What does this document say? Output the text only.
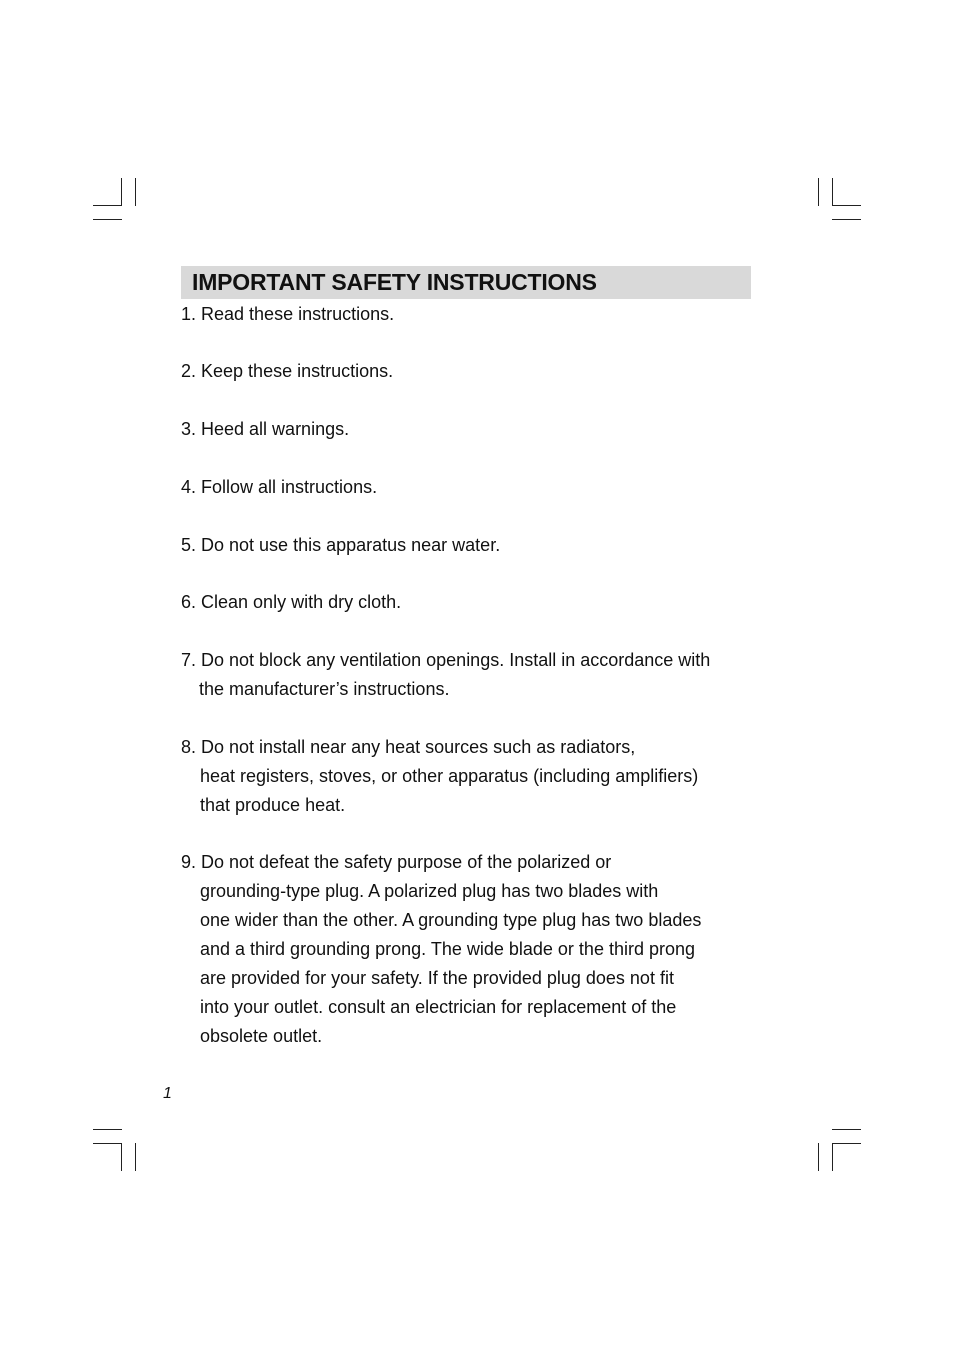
IMPORTANT SAFETY INSTRUCTIONS
1. Read these instructions.
2. Keep these instructions.
3. Heed all warnings.
4. Follow all instructions.
5. Do not use this apparatus near water.
6. Clean only with dry cloth.
7. Do not block any ventilation openings. Install in accordance with
the manufacturer’s instructions.
8. Do not install near any heat sources such as radiators,
heat registers, stoves, or other apparatus (including amplifiers)
that produce heat.
9. Do not defeat the safety purpose of the polarized or
grounding-type plug. A polarized plug has two blades with
one wider than the other. A grounding type plug has two blades
and a third grounding prong. The wide blade or the third prong
are provided for your safety. If the provided plug does not fit
into your outlet. consult an electrician for replacement of the
obsolete outlet.
1
